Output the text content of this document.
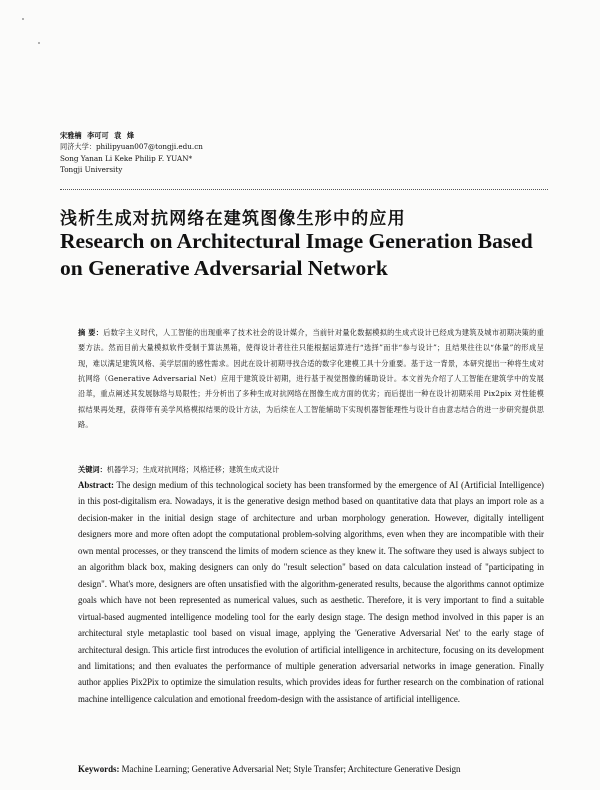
宋雅楠 李可可 袁 烽
同济大学：philipyuan007@tongji.edu.cn
Song Yanan Li Keke Philip F. YUAN*
Tongji University
浅析生成对抗网络在建筑图像生形中的应用
Research on Architectural Image Generation Based on Generative Adversarial Network
摘 要：后数字主义时代，人工智能的出现重率了技术社会的设计媒介，当前针对量化数据模拟的生成式设计已经成为建筑及城市初期决策的重要方法。然而目前大量模拟软件受制于算法黑箱，使得设计者往往只能根据运算进行“选择”而非“参与设计”；且结果往往以“体量”的形成呈现，难以满足建筑风格、美学层面的感性需求。因此在设计初期寻找合适的数字化建模工具十分重要。基于这一背景，本研究提出一种将生成对抗网络（Generative Adversarial Net）应用于建筑设计初期，进行基于视觉图像的辅助设计。本文首先介绍了人工智能在建筑学中的发展沿革，重点阐述其发展脉络与局限性；并分析出了多种生成对抗网络在图像生成方面的优劣；而后提出一种在设计初期采用 Pix2pix 对性能模拟结果再处理，获得带有美学风格模拟结果的设计方法，为后续在人工智能辅助下实现机器智能理性与设计自由意志结合的进一步研究提供思路。
关键词：机器学习；生成对抗网络；风格迁移；建筑生成式设计
Abstract: The design medium of this technological society has been transformed by the emergence of AI (Artificial Intelligence) in this post-digitalism era. Nowadays, it is the generative design method based on quantitative data that plays an import role as a decision-maker in the initial design stage of architecture and urban morphology generation. However, digitally intelligent designers more and more often adopt the computational problem-solving algorithms, even when they are incompatible with their own mental processes, or they transcend the limits of modern science as they knew it. The software they used is always subject to an algorithm black box, making designers can only do "result selection" based on data calculation instead of "participating in design". What's more, designers are often unsatisfied with the algorithm-generated results, because the algorithms cannot optimize goals which have not been represented as numerical values, such as aesthetic. Therefore, it is very important to find a suitable virtual-based augmented intelligence modeling tool for the early design stage. The design method involved in this paper is an architectural style metaplastic tool based on visual image, applying the 'Generative Adversarial Net' to the early stage of architectural design. This article first introduces the evolution of artificial intelligence in architecture, focusing on its development and limitations; and then evaluates the performance of multiple generation adversarial networks in image generation. Finally author applies Pix2Pix to optimize the simulation results, which provides ideas for further research on the combination of rational machine intelligence calculation and emotional freedom-design with the assistance of artificial intelligence.
Keywords: Machine Learning; Generative Adversarial Net; Style Transfer; Architecture Generative Design
